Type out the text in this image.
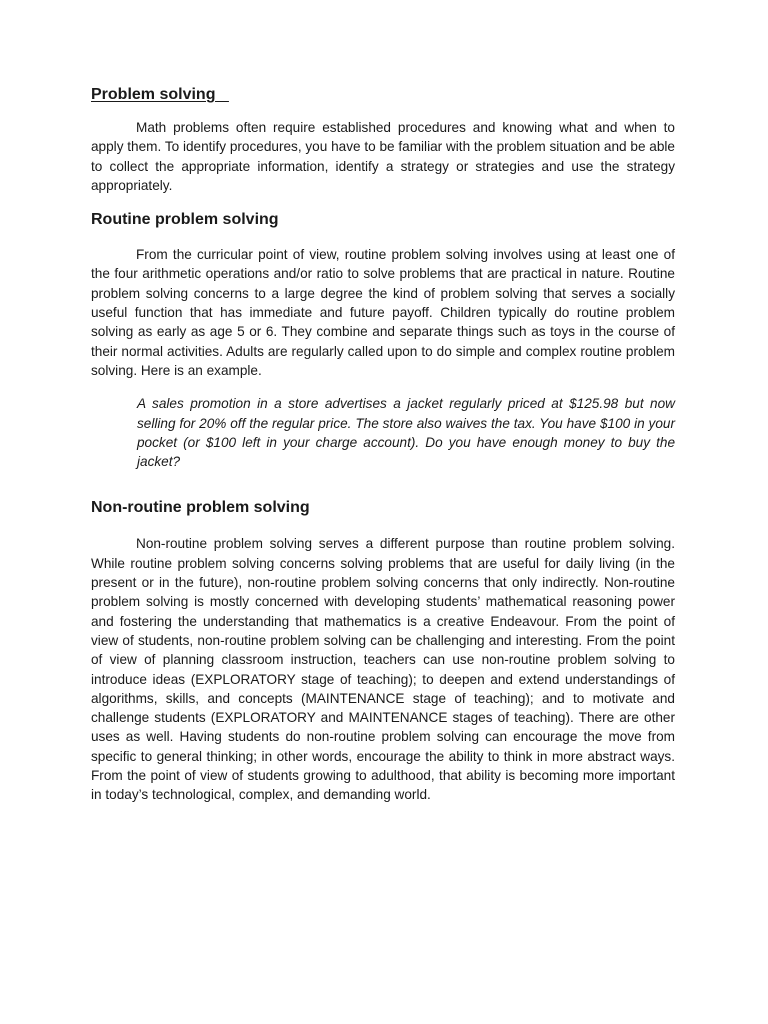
Problem solving

Math problems often require established procedures and knowing what and when to apply them. To identify procedures, you have to be familiar with the problem situation and be able to collect the appropriate information, identify a strategy or strategies and use the strategy appropriately.

Routine problem solving

From the curricular point of view, routine problem solving involves using at least one of the four arithmetic operations and/or ratio to solve problems that are practical in nature. Routine problem solving concerns to a large degree the kind of problem solving that serves a socially useful function that has immediate and future payoff. Children typically do routine problem solving as early as age 5 or 6. They combine and separate things such as toys in the course of their normal activities. Adults are regularly called upon to do simple and complex routine problem solving. Here is an example.

A sales promotion in a store advertises a jacket regularly priced at $125.98 but now selling for 20% off the regular price. The store also waives the tax. You have $100 in your pocket (or $100 left in your charge account). Do you have enough money to buy the jacket?

Non-routine problem solving

Non-routine problem solving serves a different purpose than routine problem solving. While routine problem solving concerns solving problems that are useful for daily living (in the present or in the future), non-routine problem solving concerns that only indirectly. Non-routine problem solving is mostly concerned with developing students’ mathematical reasoning power and fostering the understanding that mathematics is a creative Endeavour. From the point of view of students, non-routine problem solving can be challenging and interesting. From the point of view of planning classroom instruction, teachers can use non-routine problem solving to introduce ideas (EXPLORATORY stage of teaching); to deepen and extend understandings of algorithms, skills, and concepts (MAINTENANCE stage of teaching); and to motivate and challenge students (EXPLORATORY and MAINTENANCE stages of teaching). There are other uses as well. Having students do non-routine problem solving can encourage the move from specific to general thinking; in other words, encourage the ability to think in more abstract ways. From the point of view of students growing to adulthood, that ability is becoming more important in today’s technological, complex, and demanding world.
